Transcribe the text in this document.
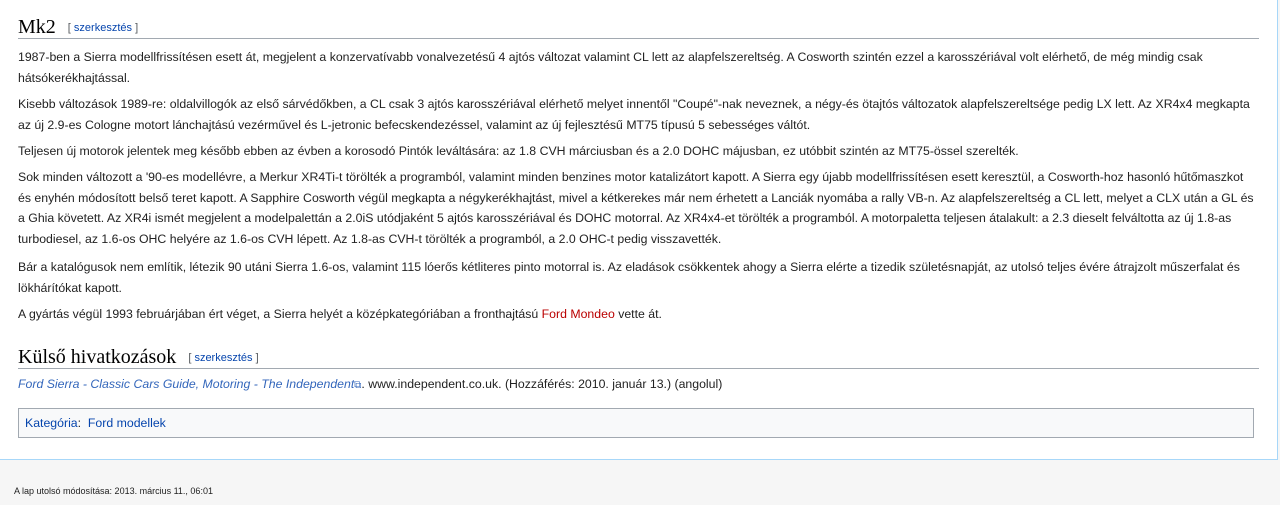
Mk2 [ szerkesztés ]

1987-ben a Sierra modellfrissítésen esett át, megjelent a konzervatívabb vonalvezetésű 4 ajtós változat valamint CL lett az alapfelszereltség. A Cosworth szintén ezzel a karosszériával volt elérhető, de még mindig csak hátsókerékhajtással.

Kisebb változások 1989-re: oldalvillogók az első sárvédőkben, a CL csak 3 ajtós karosszériával elérhető melyet innentől "Coupé"-nak neveznek, a négy-és ötajtós változatok alapfelszereltsége pedig LX lett. Az XR4x4 megkapta az új 2.9-es Cologne motort lánchajtású vezérművel és L-jetronic befecskendezéssel, valamint az új fejlesztésű MT75 típusú 5 sebességes váltót.

Teljesen új motorok jelentek meg később ebben az évben a korosodó Pintók leváltására: az 1.8 CVH márciusban és a 2.0 DOHC májusban, ez utóbbit szintén az MT75-össel szerelték.

Sok minden változott a '90-es modellévre, a Merkur XR4Ti-t törölték a programból, valamint minden benzines motor katalizátort kapott. A Sierra egy újabb modellfrissítésen esett keresztül, a Cosworth-hoz hasonló hűtőmaszkot és enyhén módosított belső teret kapott. A Sapphire Cosworth végül megkapta a négykerékhajtást, mivel a kétkerekes már nem érhetett a Lanciák nyomába a rally VB-n. Az alapfelszereltség a CL lett, melyet a CLX után a GL és a Ghia követett. Az XR4i ismét megjelent a modelpalettán a 2.0iS utódjaként 5 ajtós karosszériával és DOHC motorral. Az XR4x4-et törölték a programból. A motorpaletta teljesen átalakult: a 2.3 dieselt felváltotta az új 1.8-as turbodiesel, az 1.6-os OHC helyére az 1.6-os CVH lépett. Az 1.8-as CVH-t törölték a programból, a 2.0 OHC-t pedig visszavették.

Bár a katalógusok nem említik, létezik 90 utáni Sierra 1.6-os, valamint 115 lóerős kétliteres pinto motorral is. Az eladások csökkentek ahogy a Sierra elérte a tizedik születésnapját, az utolsó teljes évére átrajzolt műszerfalat és lökhárítókat kapott.

A gyártás végül 1993 februárjában ért véget, a Sierra helyét a középkategóriában a fronthajtású Ford Mondeo vette át.

Külső hivatkozások [ szerkesztés ]

Ford Sierra - Classic Cars Guide, Motoring - The Independent⧉. www.independent.co.uk. (Hozzáférés: 2010. január 13.) (angolul)

Kategória: Ford modellek
A lap utolsó módosítása: 2013. március 11., 06:01
